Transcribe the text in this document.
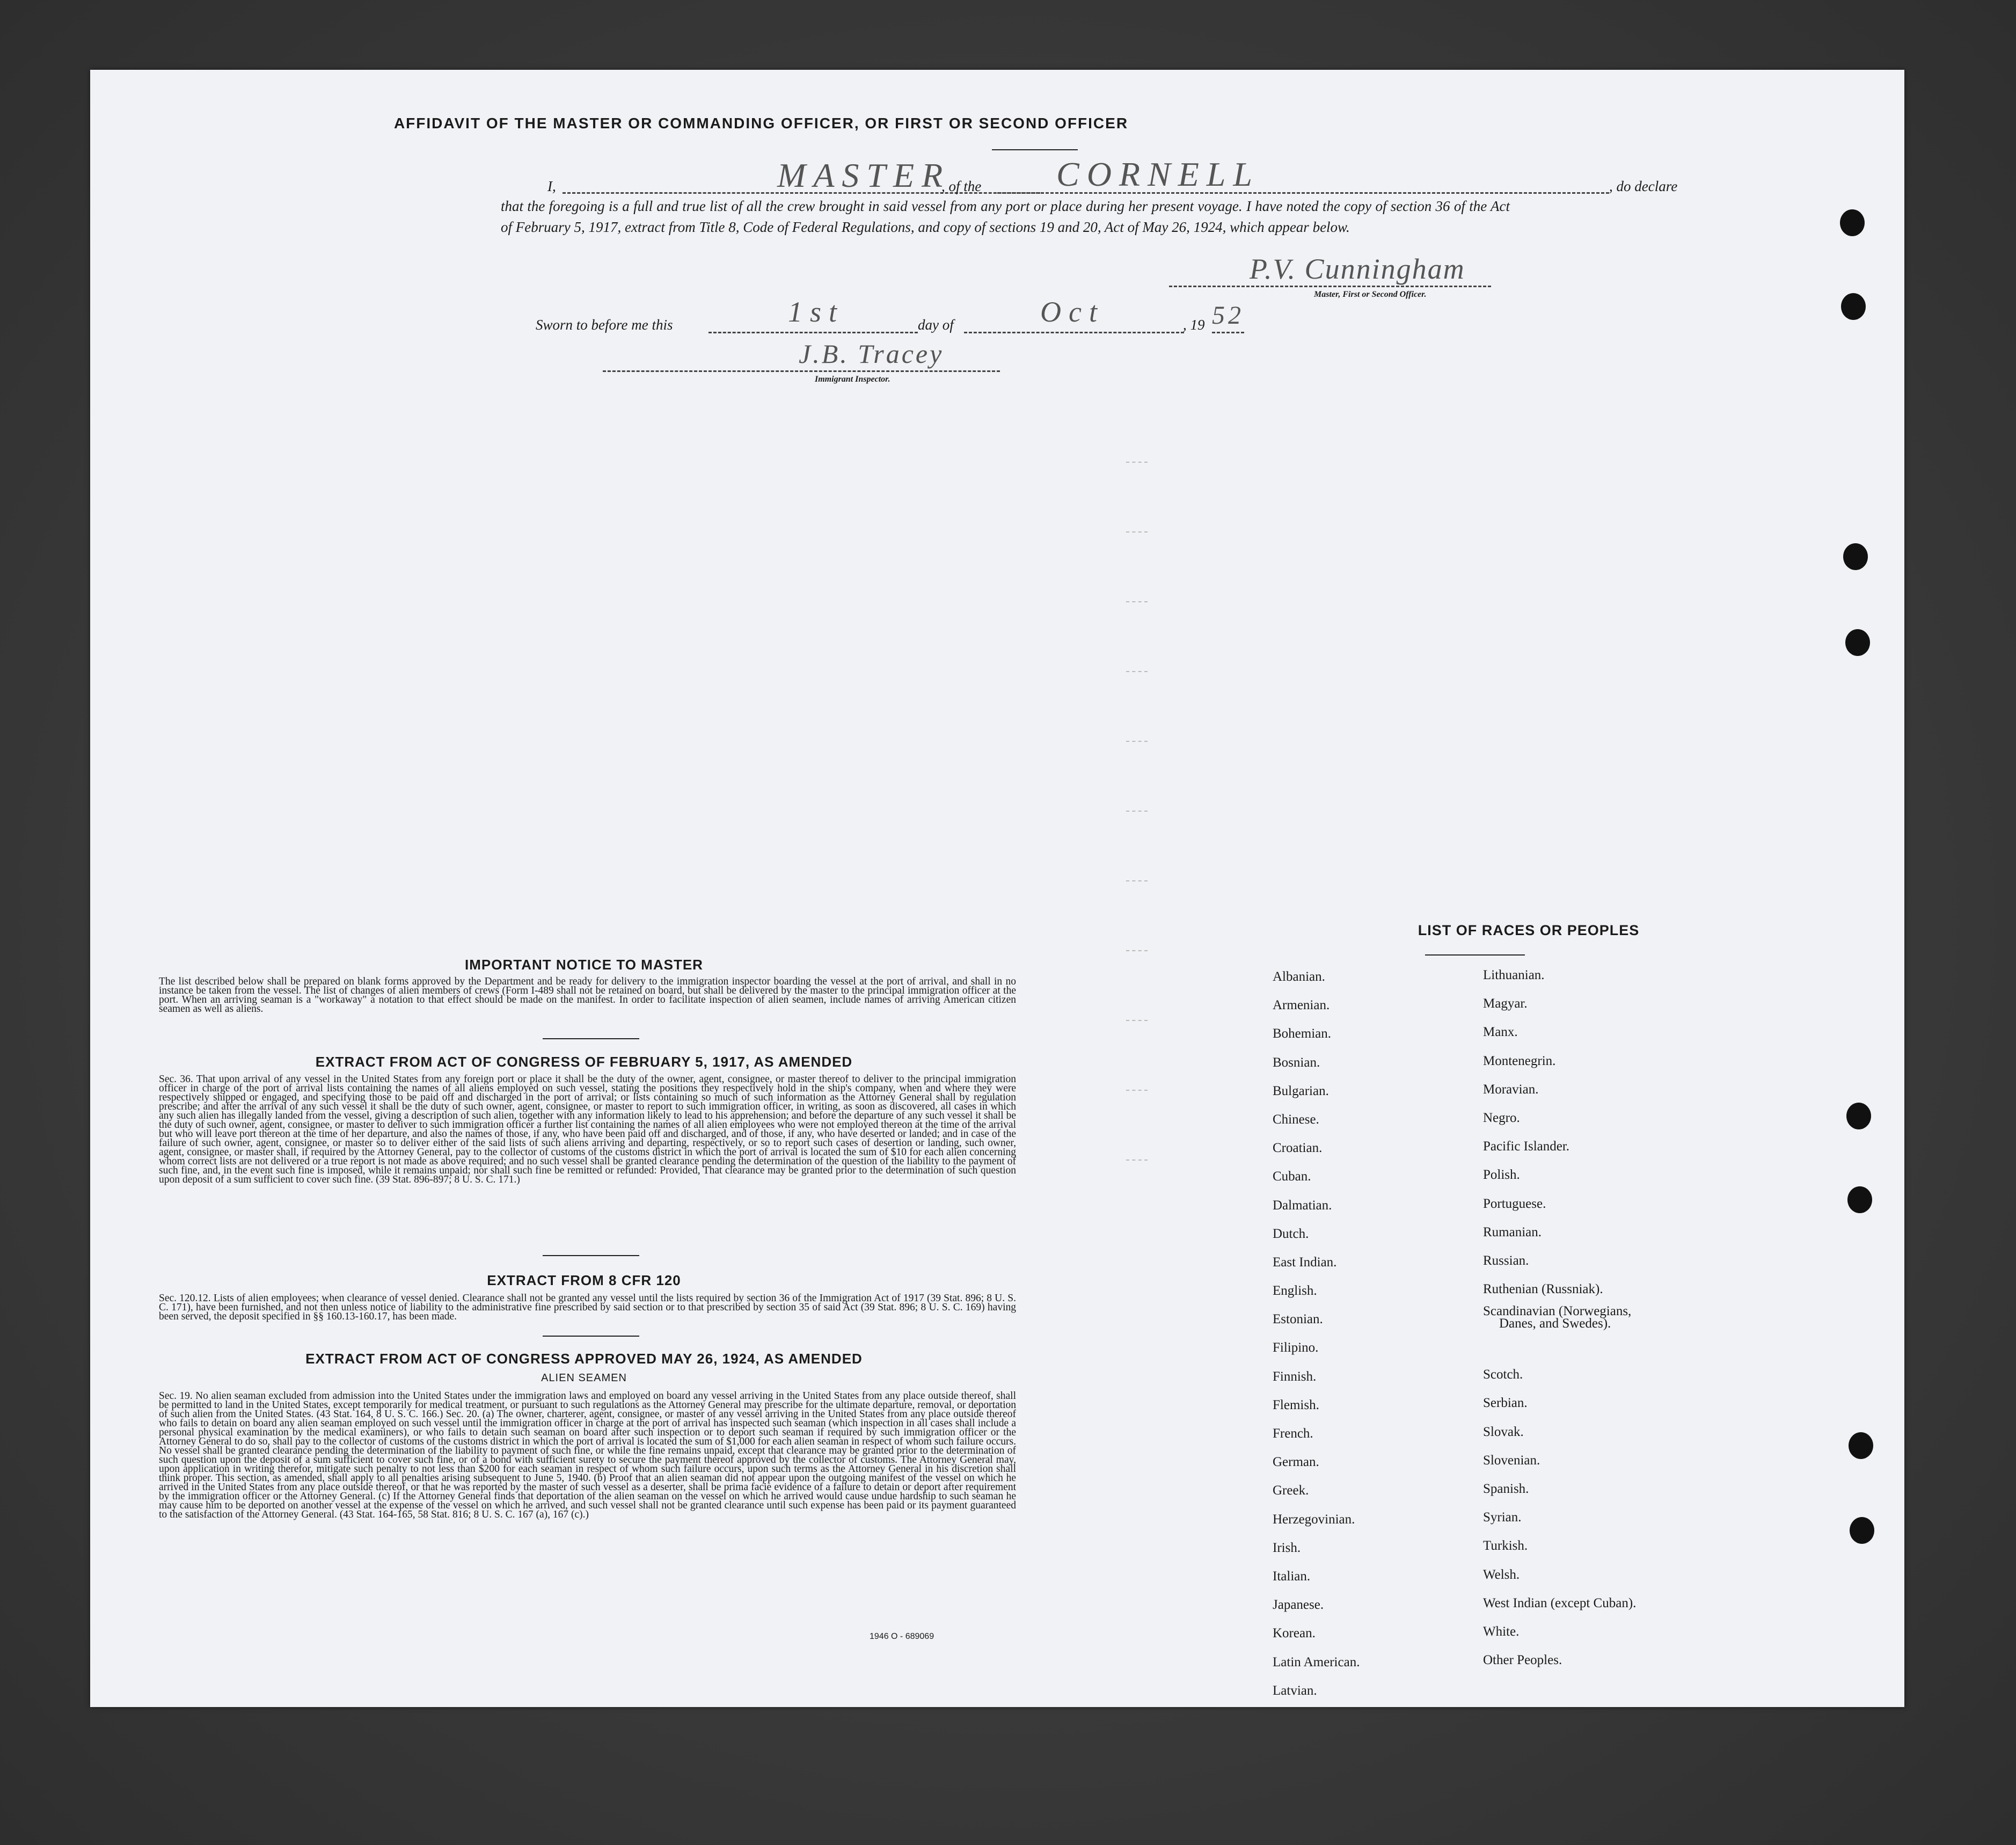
AFFIDAVIT OF THE MASTER OR COMMANDING OFFICER, OR FIRST OR SECOND OFFICER
I,	MASTER
, of the CORNELL	, do declare
that the foregoing is a full and true list of all the crew brought in said vessel from any port or place during her present voyage. I have noted the copy of section 36 of the Act of February 5, 1917, extract from Title 8, Code of Federal Regulations, and copy of sections 19 and 20, Act of May 26, 1924, which appear below.
P.V. Cunningham
Master, First or Second Officer.
Sworn to before me this	1st	day of	Oct	, 19 52
J.B. Tracey
Immigrant Inspector.
IMPORTANT NOTICE TO MASTER
The list described below shall be prepared on blank forms approved by the Department and be ready for delivery to the immigration inspector boarding the vessel at the port of arrival, and shall in no instance be taken from the vessel. The list of changes of alien members of crews (Form I-489 shall not be retained on board, but shall be delivered by the master to the principal immigration officer at the port. When an arriving seaman is a "workaway" a notation to that effect should be made on the manifest. In order to facilitate inspection of alien seamen, include names of arriving American citizen seamen as well as aliens.
EXTRACT FROM ACT OF CONGRESS OF FEBRUARY 5, 1917, AS AMENDED
Sec. 36. That upon arrival of any vessel in the United States from any foreign port or place it shall be the duty of the owner, agent, consignee, or master thereof to deliver to the principal immigration officer in charge of the port of arrival lists containing the names of all aliens employed on such vessel, stating the positions they respectively hold in the ship's company, when and where they were respectively shipped or engaged, and specifying those to be paid off and discharged in the port of arrival; or lists containing so much of such information as the Attorney General shall by regulation prescribe; and after the arrival of any such vessel it shall be the duty of such owner, agent, consignee, or master to report to such immigration officer, in writing, as soon as discovered, all cases in which any such alien has illegally landed from the vessel, giving a description of such alien, together with any information likely to lead to his apprehension; and before the departure of any such vessel it shall be the duty of such owner, agent, consignee, or master to deliver to such immigration officer a further list containing the names of all alien employees who were not employed thereon at the time of the arrival but who will leave port thereon at the time of her departure, and also the names of those, if any, who have been paid off and discharged, and of those, if any, who have deserted or landed; and in case of the failure of such owner, agent, consignee, or master so to deliver either of the said lists of such aliens arriving and departing, respectively, or so to report such cases of desertion or landing, such owner, agent, consignee, or master shall, if required by the Attorney General, pay to the collector of customs of the customs district in which the port of arrival is located the sum of $10 for each alien concerning whom correct lists are not delivered or a true report is not made as above required; and no such vessel shall be granted clearance pending the determination of the question of the liability to the payment of such fine, and, in the event such fine is imposed, while it remains unpaid; nor shall such fine be remitted or refunded: Provided, That clearance may be granted prior to the determination of such question upon deposit of a sum sufficient to cover such fine. (39 Stat. 896-897; 8 U. S. C. 171.)
EXTRACT FROM 8 CFR 120
Sec. 120.12. Lists of alien employees; when clearance of vessel denied. Clearance shall not be granted any vessel until the lists required by section 36 of the Immigration Act of 1917 (39 Stat. 896; 8 U. S. C. 171), have been furnished, and not then unless notice of liability to the administrative fine prescribed by said section or to that prescribed by section 35 of said Act (39 Stat. 896; 8 U. S. C. 169) having been served, the deposit specified in §§ 160.13-160.17, has been made.
EXTRACT FROM ACT OF CONGRESS APPROVED MAY 26, 1924, AS AMENDED
ALIEN SEAMEN
Sec. 19. No alien seaman excluded from admission into the United States under the immigration laws and employed on board any vessel arriving in the United States from any place outside thereof, shall be permitted to land in the United States, except temporarily for medical treatment, or pursuant to such regulations as the Attorney General may prescribe for the ultimate departure, removal, or deportation of such alien from the United States. (43 Stat. 164, 8 U. S. C. 166.) Sec. 20. (a) The owner, charterer, agent, consignee, or master of any vessel arriving in the United States from any place outside thereof who fails to detain on board any alien seaman employed on such vessel until the immigration officer in charge at the port of arrival has inspected such seaman (which inspection in all cases shall include a personal physical examination by the medical examiners), or who fails to detain such seaman on board after such inspection or to deport such seaman if required by such immigration officer or the Attorney General to do so, shall pay to the collector of customs of the customs district in which the port of arrival is located the sum of $1,000 for each alien seaman in respect of whom such failure occurs. No vessel shall be granted clearance pending the determination of the liability to payment of such fine, or while the fine remains unpaid, except that clearance may be granted prior to the determination of such question upon the deposit of a sum sufficient to cover such fine, or of a bond with sufficient surety to secure the payment thereof approved by the collector of customs. The Attorney General may, upon application in writing therefor, mitigate such penalty to not less than $200 for each seaman in respect of whom such failure occurs, upon such terms as the Attorney General in his discretion shall think proper. This section, as amended, shall apply to all penalties arising subsequent to June 5, 1940. (b) Proof that an alien seaman did not appear upon the outgoing manifest of the vessel on which he arrived in the United States from any place outside thereof, or that he was reported by the master of such vessel as a deserter, shall be prima facie evidence of a failure to detain or deport after requirement by the immigration officer or the Attorney General. (c) If the Attorney General finds that deportation of the alien seaman on the vessel on which he arrived would cause undue hardship to such seaman he may cause him to be deported on another vessel at the expense of the vessel on which he arrived, and such vessel shall not be granted clearance until such expense has been paid or its payment guaranteed to the satisfaction of the Attorney General. (43 Stat. 164-165, 58 Stat. 816; 8 U. S. C. 167 (a), 167 (c).)
1946 O - 689069
LIST OF RACES OR PEOPLES
Albanian.
Armenian.
Bohemian.
Bosnian.
Bulgarian.
Chinese.
Croatian.
Cuban.
Dalmatian.
Dutch.
East Indian.
English.
Estonian.
Filipino.
Finnish.
Flemish.
French.
German.
Greek.
Herzegovinian.
Irish.
Italian.
Japanese.
Korean.
Latin American.
Latvian.
Lithuanian.
Magyar.
Manx.
Montenegrin.
Moravian.
Negro.
Pacific Islander.
Polish.
Portuguese.
Rumanian.
Russian.
Ruthenian (Russniak).
Scandinavian (Norwegians,
Danes, and Swedes).
Scotch.
Serbian.
Slovak.
Slovenian.
Spanish.
Syrian.
Turkish.
Welsh.
West Indian (except Cuban).
White.
Other Peoples.
